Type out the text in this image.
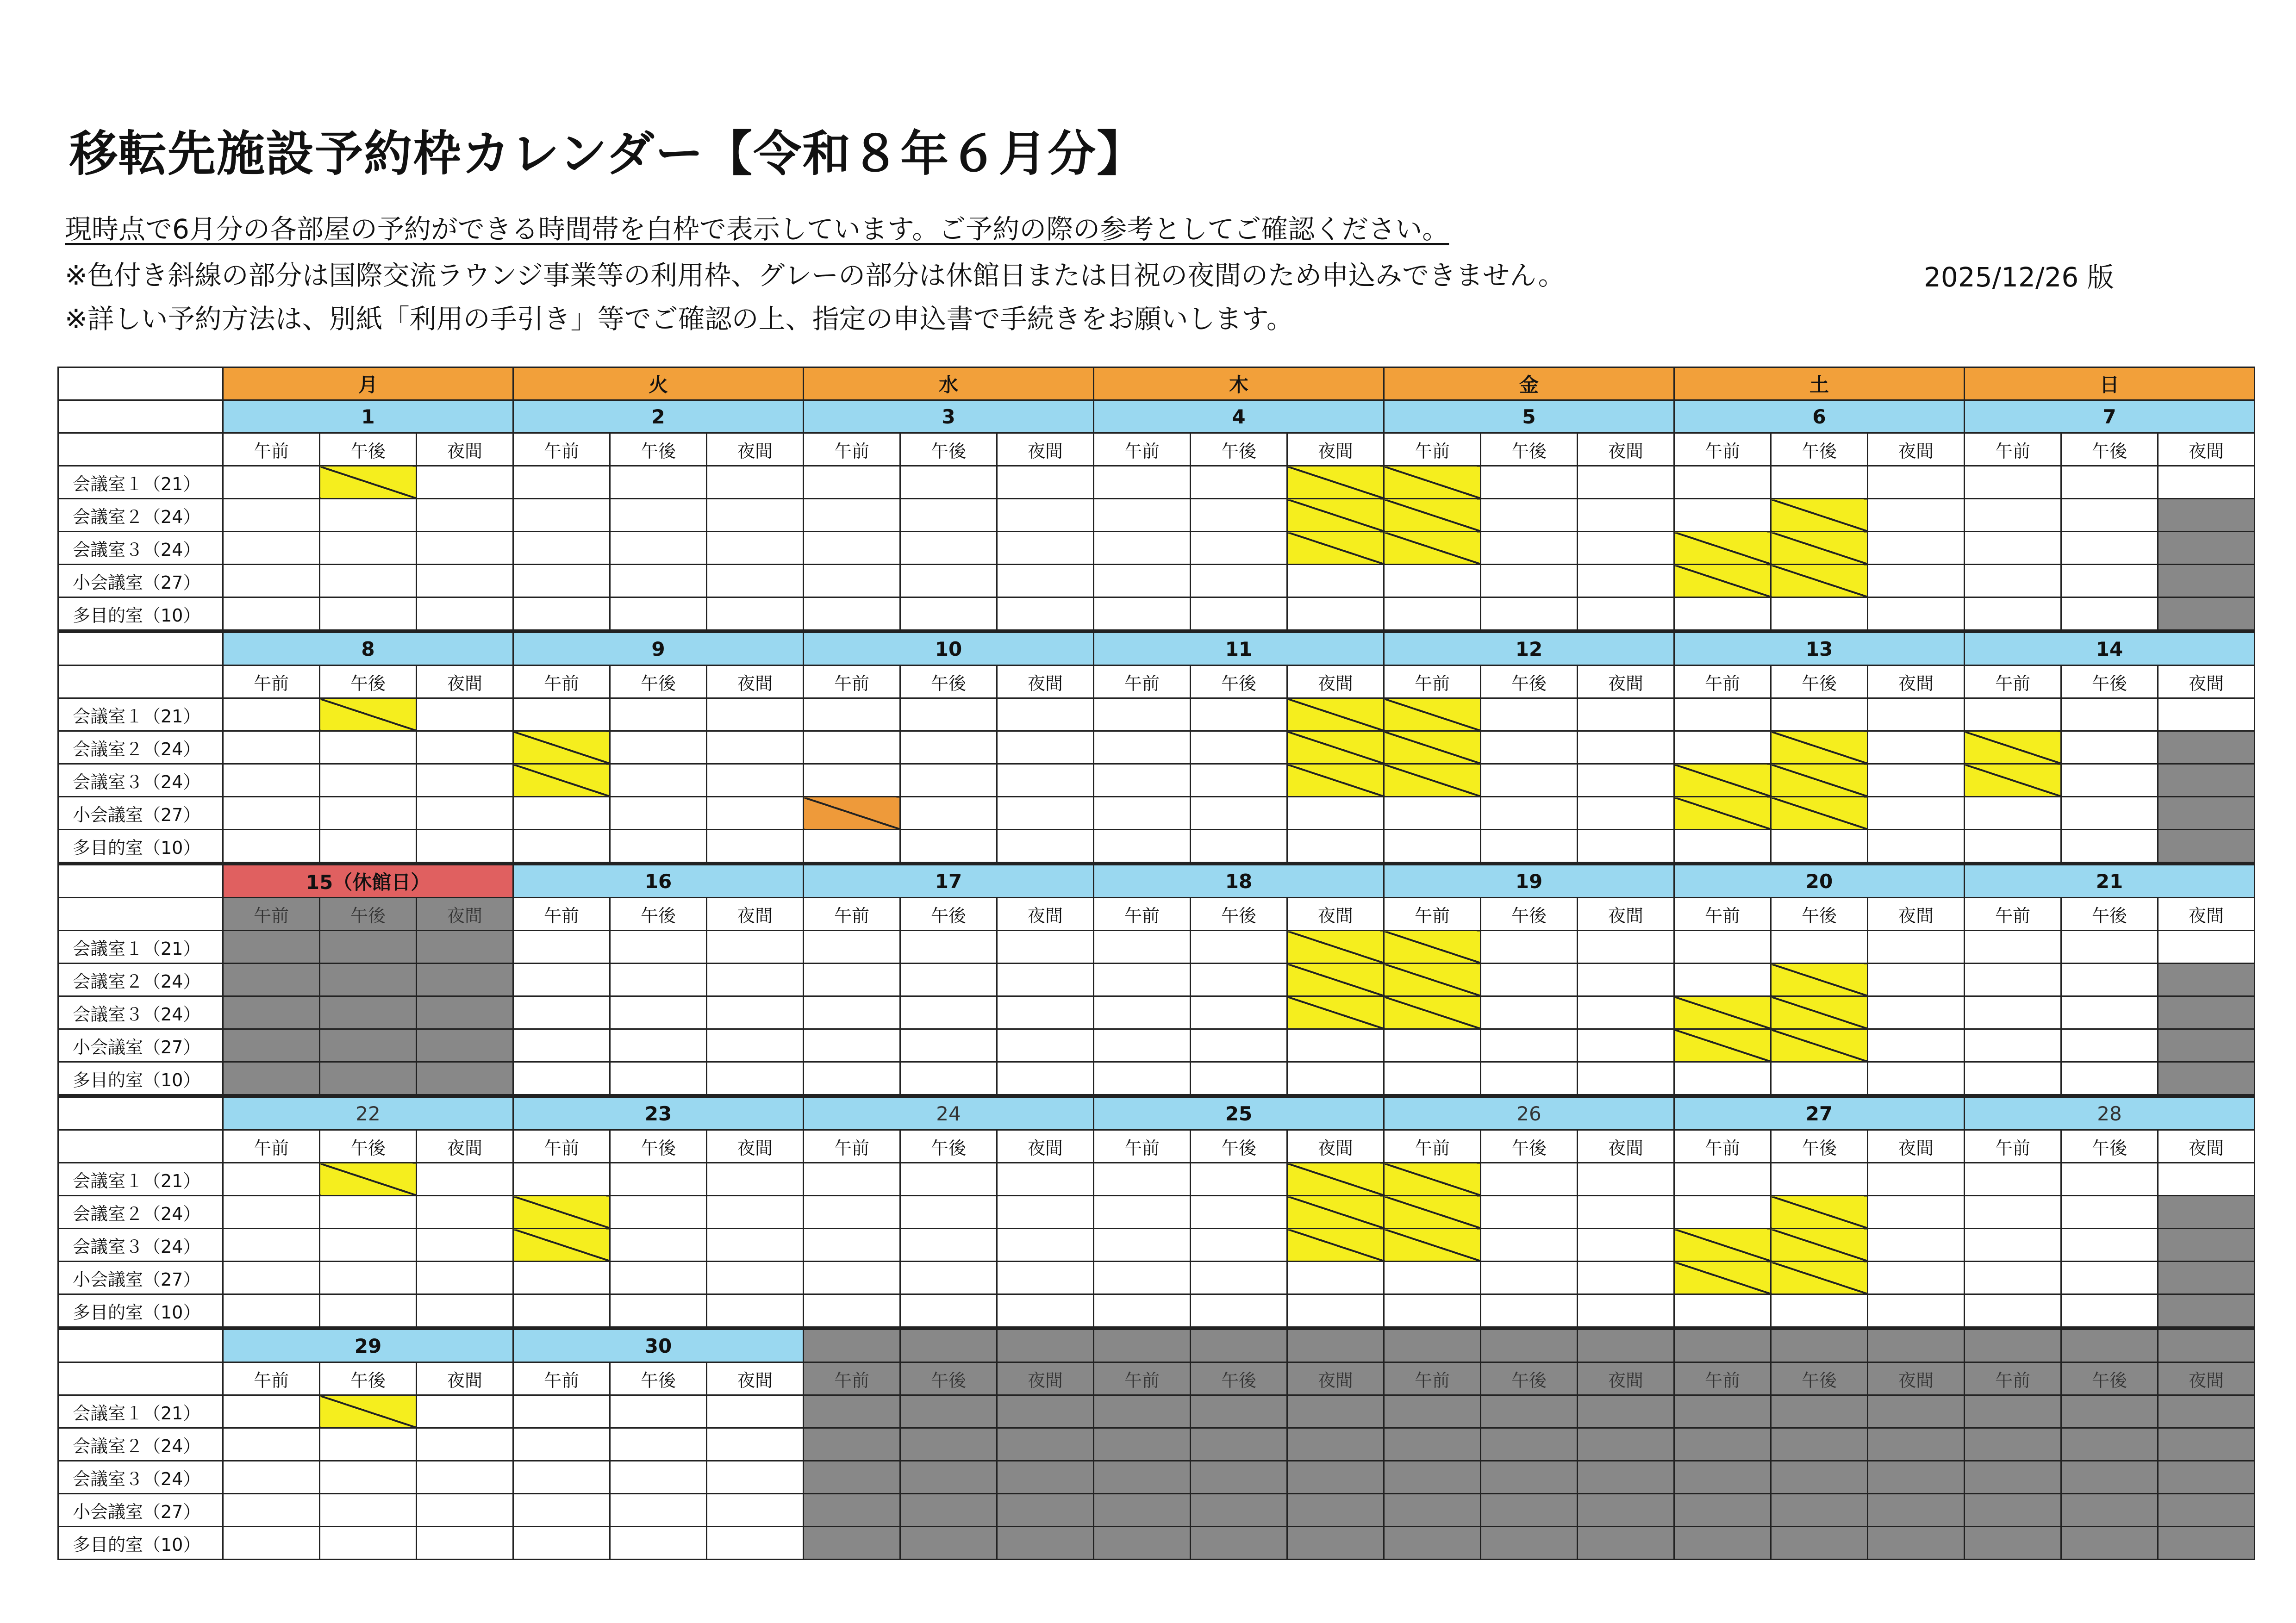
移転先施設予約枠カレンダー【令和８年６月分】
現時点で6月分の各部屋の予約ができる時間帯を白枠で表示しています。ご予約の際の参考としてご確認ください。
※色付き斜線の部分は国際交流ラウンジ事業等の利用枠、グレーの部分は休館日または日祝の夜間のため申込みできません。
※詳しい予約方法は、別紙「利用の手引き」等でご確認の上、指定の申込書で手続きをお願いします。
2025/12/26 版
	月			火			水			木			金			土			日		
	1			2			3			4			5			6			7		
	午前	午後	夜間	午前	午後	夜間	午前	午後	夜間	午前	午後	夜間	午前	午後	夜間	午前	午後	夜間	午前	午後	夜間
会議室１（21）																					
会議室２（24）																					
会議室３（24）																					
小会議室（27）																					
多目的室（10）																					
	8			9			10			11			12			13			14		
	午前	午後	夜間	午前	午後	夜間	午前	午後	夜間	午前	午後	夜間	午前	午後	夜間	午前	午後	夜間	午前	午後	夜間
会議室１（21）																					
会議室２（24）																					
会議室３（24）																					
小会議室（27）																					
多目的室（10）																					
	15（休館日）			16			17			18			19			20			21		
	午前	午後	夜間	午前	午後	夜間	午前	午後	夜間	午前	午後	夜間	午前	午後	夜間	午前	午後	夜間	午前	午後	夜間
会議室１（21）																					
会議室２（24）																					
会議室３（24）																					
小会議室（27）																					
多目的室（10）																					
	22			23			24			25			26			27			28		
	午前	午後	夜間	午前	午後	夜間	午前	午後	夜間	午前	午後	夜間	午前	午後	夜間	午前	午後	夜間	午前	午後	夜間
会議室１（21）																					
会議室２（24）																					
会議室３（24）																					
小会議室（27）																					
多目的室（10）																					
	29			30																	
	午前	午後	夜間	午前	午後	夜間	午前	午後	夜間	午前	午後	夜間	午前	午後	夜間	午前	午後	夜間	午前	午後	夜間
会議室１（21）																					
会議室２（24）																					
会議室３（24）																					
小会議室（27）																					
多目的室（10）																					
